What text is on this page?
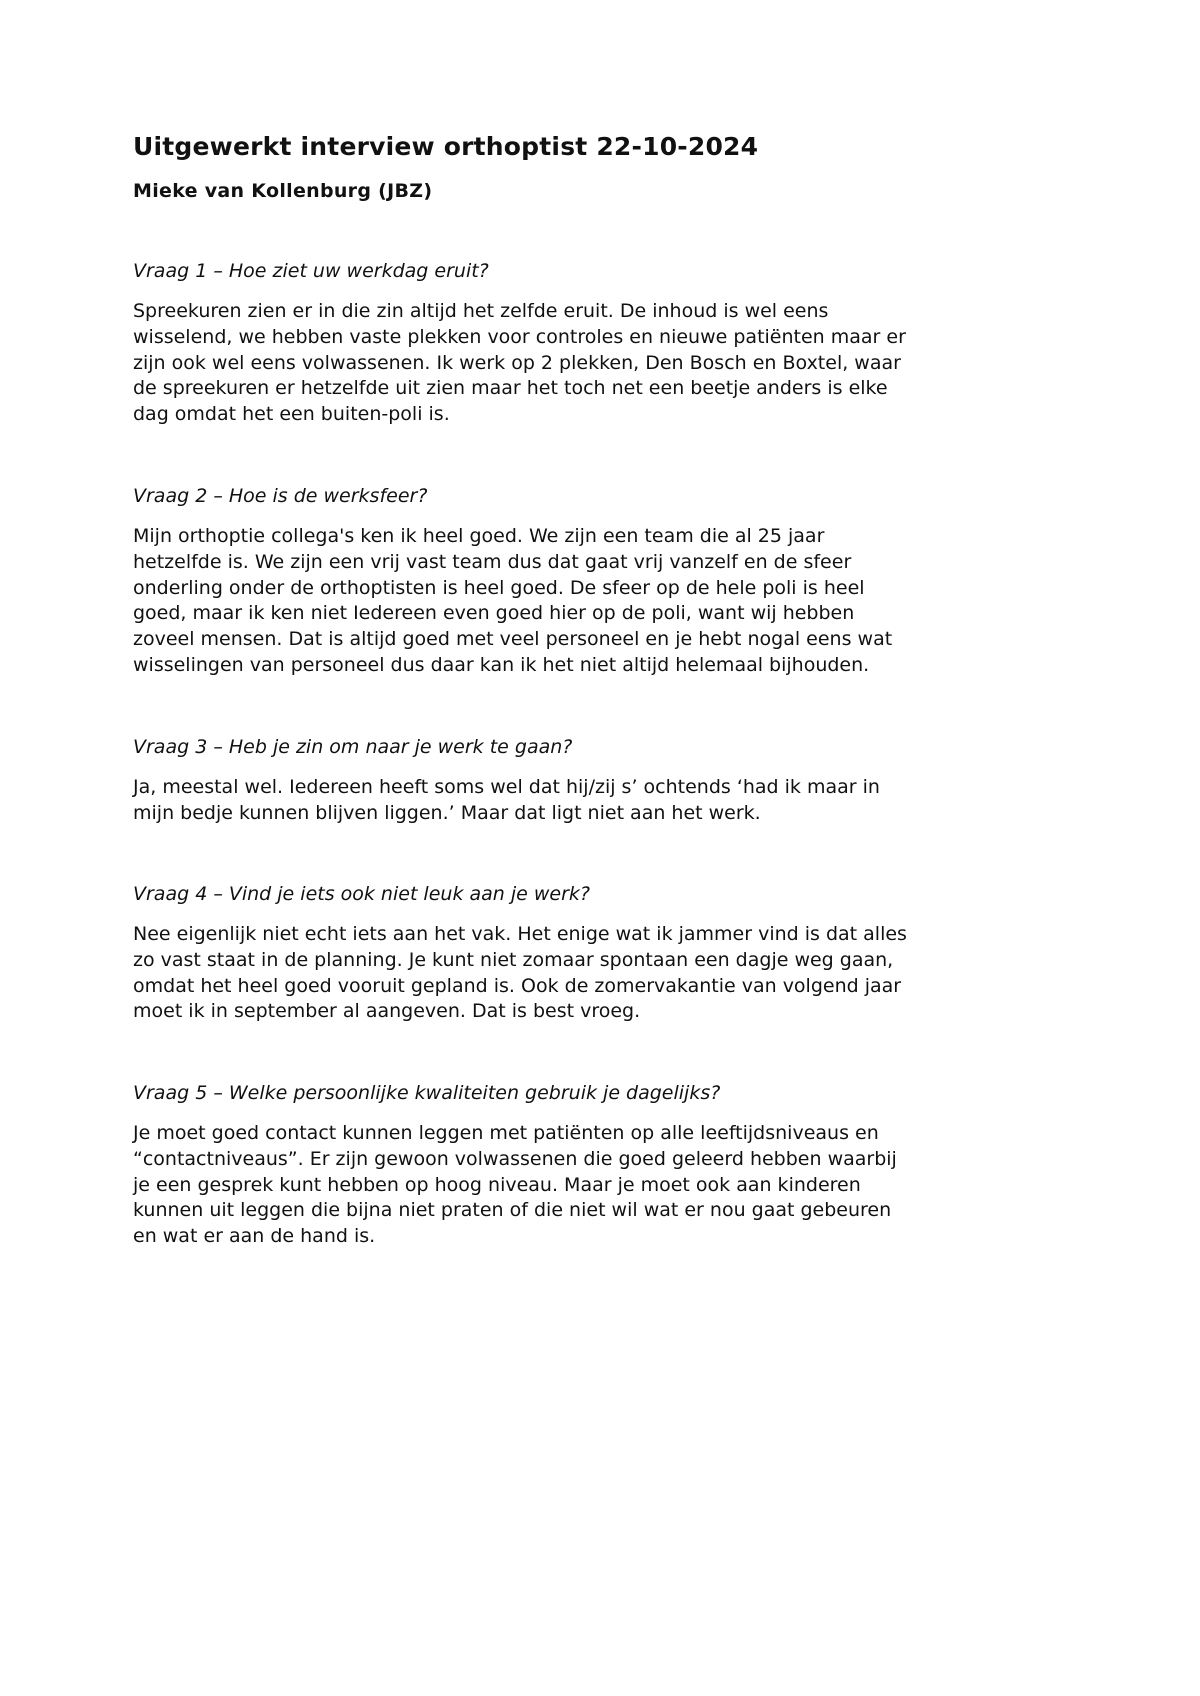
Uitgewerkt interview orthoptist 22-10-2024
Mieke van Kollenburg (JBZ)
Vraag 1 – Hoe ziet uw werkdag eruit?
Spreekuren zien er in die zin altijd het zelfde eruit. De inhoud is wel eens
wisselend, we hebben vaste plekken voor controles en nieuwe patiënten maar er
zijn ook wel eens volwassenen. Ik werk op 2 plekken, Den Bosch en Boxtel, waar
de spreekuren er hetzelfde uit zien maar het toch net een beetje anders is elke
dag omdat het een buiten-poli is.
Vraag 2 – Hoe is de werksfeer?
Mijn orthoptie collega's ken ik heel goed. We zijn een team die al 25 jaar
hetzelfde is. We zijn een vrij vast team dus dat gaat vrij vanzelf en de sfeer
onderling onder de orthoptisten is heel goed. De sfeer op de hele poli is heel
goed, maar ik ken niet Iedereen even goed hier op de poli, want wij hebben
zoveel mensen. Dat is altijd goed met veel personeel en je hebt nogal eens wat
wisselingen van personeel dus daar kan ik het niet altijd helemaal bijhouden.
Vraag 3 – Heb je zin om naar je werk te gaan?
Ja, meestal wel. Iedereen heeft soms wel dat hij/zij s’ ochtends ‘had ik maar in
mijn bedje kunnen blijven liggen.’ Maar dat ligt niet aan het werk.
Vraag 4 – Vind je iets ook niet leuk aan je werk?
Nee eigenlijk niet echt iets aan het vak. Het enige wat ik jammer vind is dat alles
zo vast staat in de planning. Je kunt niet zomaar spontaan een dagje weg gaan,
omdat het heel goed vooruit gepland is. Ook de zomervakantie van volgend jaar
moet ik in september al aangeven. Dat is best vroeg.
Vraag 5 – Welke persoonlijke kwaliteiten gebruik je dagelijks?
Je moet goed contact kunnen leggen met patiënten op alle leeftijdsniveaus en
“contactniveaus”. Er zijn gewoon volwassenen die goed geleerd hebben waarbij
je een gesprek kunt hebben op hoog niveau. Maar je moet ook aan kinderen
kunnen uit leggen die bijna niet praten of die niet wil wat er nou gaat gebeuren
en wat er aan de hand is.
